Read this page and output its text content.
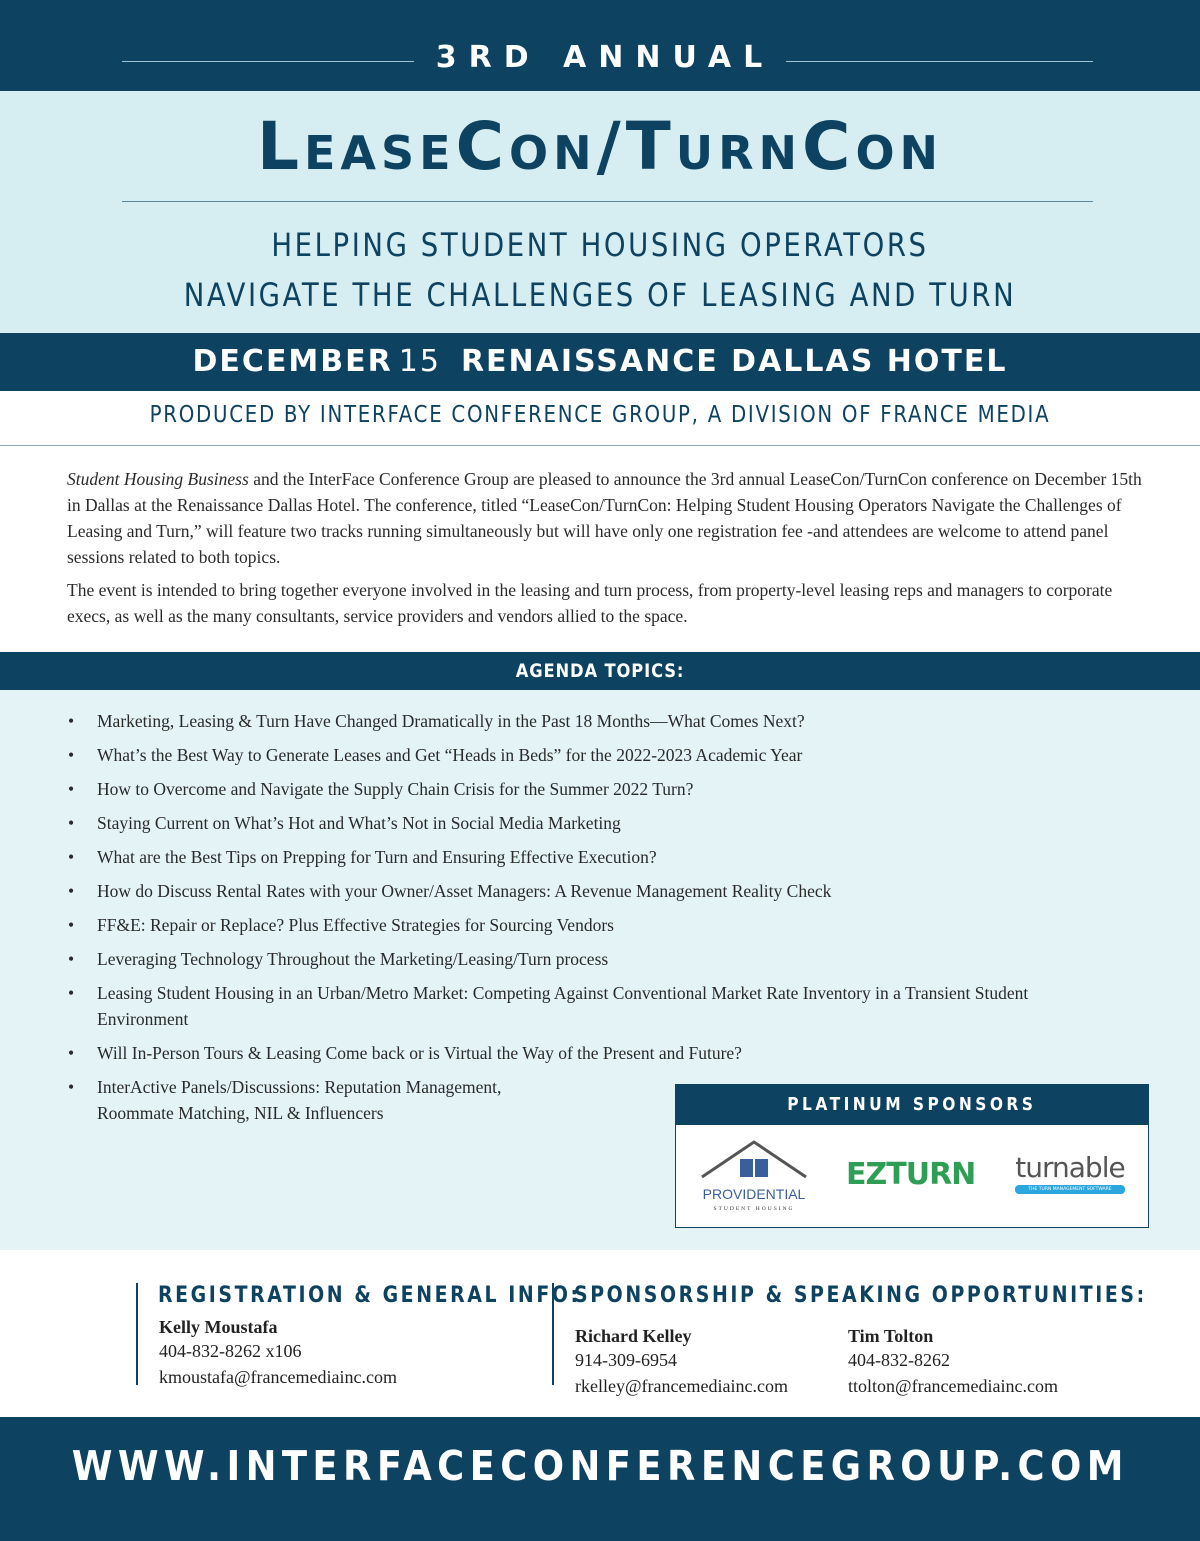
3RD ANNUAL
LeaseCon/TurnCon
HELPING STUDENT HOUSING OPERATORS
NAVIGATE THE CHALLENGES OF LEASING AND TURN
DECEMBER 15 RENAISSANCE DALLAS HOTEL
PRODUCED BY INTERFACE CONFERENCE GROUP, A DIVISION OF FRANCE MEDIA

Student Housing Business and the InterFace Conference Group are pleased to announce the 3rd annual LeaseCon/TurnCon conference on December 15th in Dallas at the Renaissance Dallas Hotel. The conference, titled “LeaseCon/TurnCon: Helping Student Housing Operators Navigate the Challenges of Leasing and Turn,” will feature two tracks running simultaneously but will have only one registration fee -and attendees are welcome to attend panel sessions related to both topics.

The event is intended to bring together everyone involved in the leasing and turn process, from property-level leasing reps and managers to corporate execs, as well as the many consultants, service providers and vendors allied to the space.

AGENDA TOPICS:
• Marketing, Leasing & Turn Have Changed Dramatically in the Past 18 Months—What Comes Next?
• What’s the Best Way to Generate Leases and Get “Heads in Beds” for the 2022-2023 Academic Year
• How to Overcome and Navigate the Supply Chain Crisis for the Summer 2022 Turn?
• Staying Current on What’s Hot and What’s Not in Social Media Marketing
• What are the Best Tips on Prepping for Turn and Ensuring Effective Execution?
• How do Discuss Rental Rates with your Owner/Asset Managers: A Revenue Management Reality Check
• FF&E: Repair or Replace? Plus Effective Strategies for Sourcing Vendors
• Leveraging Technology Throughout the Marketing/Leasing/Turn process
• Leasing Student Housing in an Urban/Metro Market: Competing Against Conventional Market Rate Inventory in a Transient Student Environment
• Will In-Person Tours & Leasing Come back or is Virtual the Way of the Present and Future?
• InterActive Panels/Discussions: Reputation Management, Roommate Matching, NIL & Influencers	PLATINUM SPONSORS
PROVIDENTIAL
STUDENT HOUSING
EZTURN turnable
THE TURN MANAGEMENT SOFTWARE
REGISTRATION & GENERAL INFO:
Kelly Moustafa
404-832-8262 x106
kmoustafa@francemediainc.com
SPONSORSHIP & SPEAKING OPPORTUNITIES:
Richard Kelley
914-309-6954
rkelley@francemediainc.com
Tim Tolton
404-832-8262
ttolton@francemediainc.com
WWW.INTERFACECONFERENCEGROUP.COM
